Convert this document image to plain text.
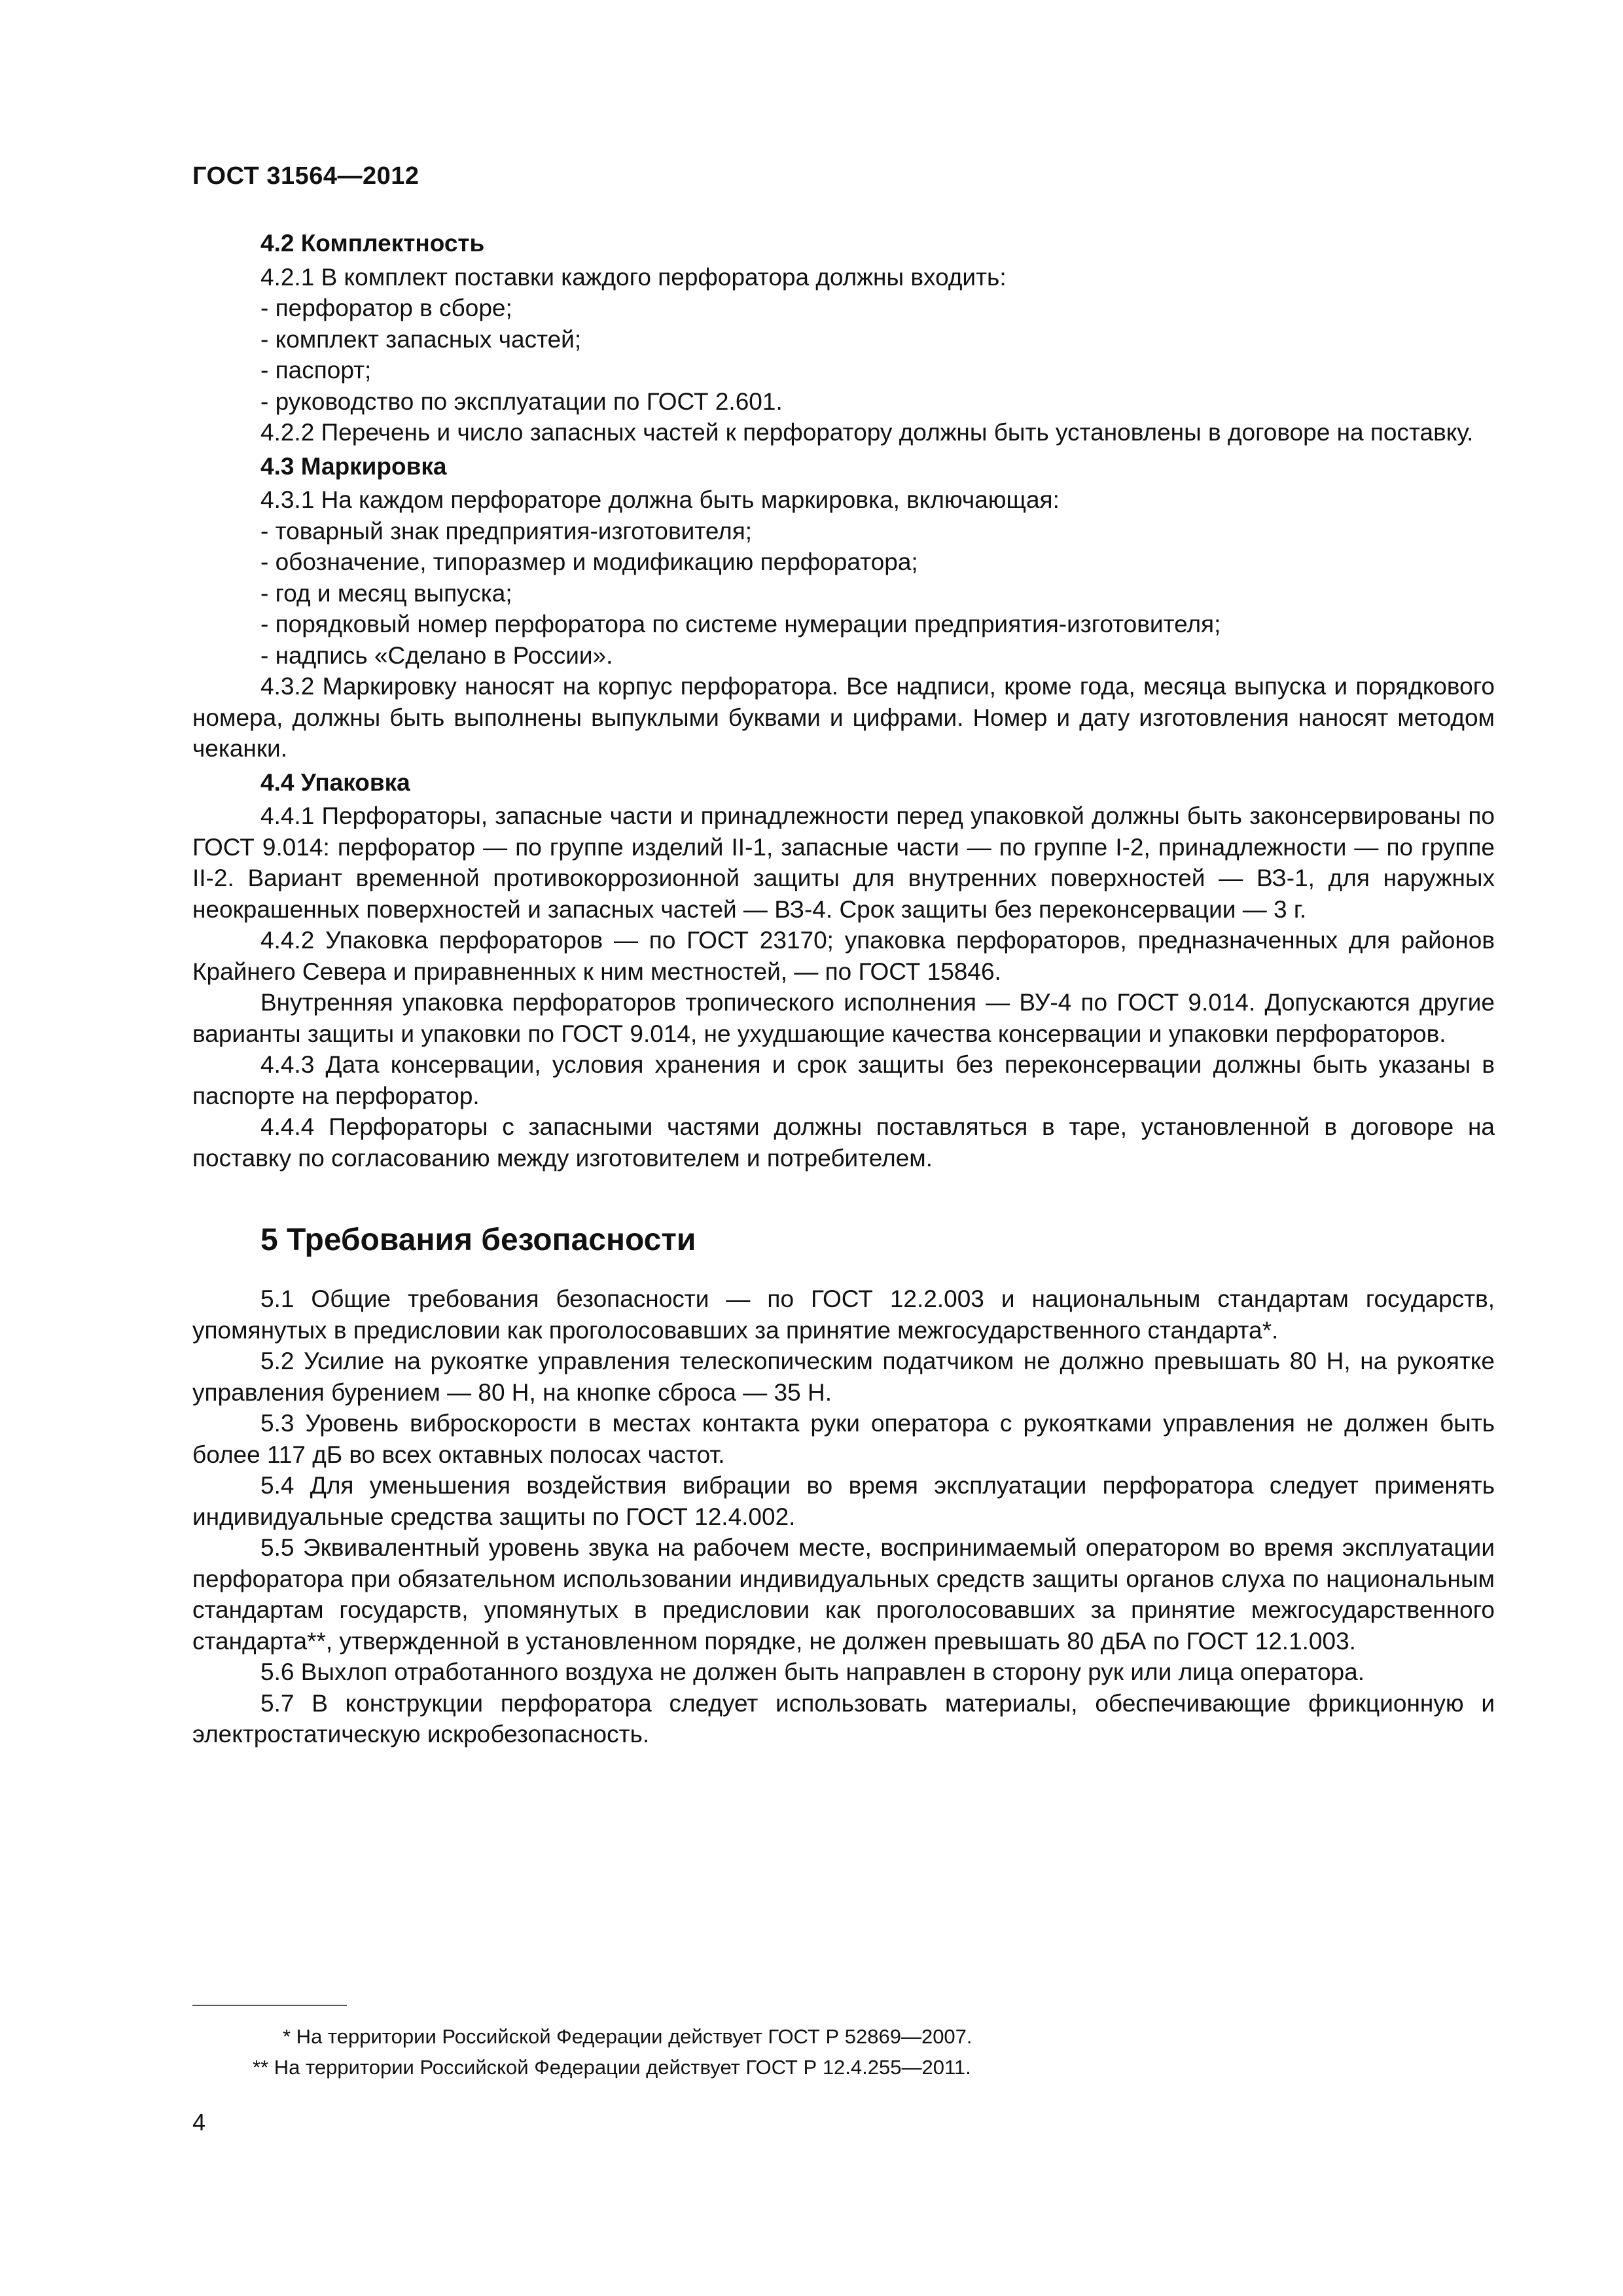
ГОСТ 31564—2012

4.2 Комплектность

4.2.1 В комплект поставки каждого перфоратора должны входить:

- перфоратор в сборе;

- комплект запасных частей;

- паспорт;

- руководство по эксплуатации по ГОСТ 2.601.

4.2.2 Перечень и число запасных частей к перфоратору должны быть установлены в договоре на поставку.

4.3 Маркировка

4.3.1 На каждом перфораторе должна быть маркировка, включающая:

- товарный знак предприятия-изготовителя;

- обозначение, типоразмер и модификацию перфоратора;

- год и месяц выпуска;

- порядковый номер перфоратора по системе нумерации предприятия-изготовителя;

- надпись «Сделано в России».

4.3.2 Маркировку наносят на корпус перфоратора. Все надписи, кроме года, месяца выпуска и порядкового номера, должны быть выполнены выпуклыми буквами и цифрами. Номер и дату изготовления наносят методом чеканки.

4.4 Упаковка

4.4.1 Перфораторы, запасные части и принадлежности перед упаковкой должны быть законсервированы по ГОСТ 9.014: перфоратор — по группе изделий II-1, запасные части — по группе I-2, принадлежности — по группе II-2. Вариант временной противокоррозионной защиты для внутренних поверхностей — ВЗ-1, для наружных неокрашенных поверхностей и запасных частей — ВЗ-4. Срок защиты без переконсервации — 3 г.

4.4.2 Упаковка перфораторов — по ГОСТ 23170; упаковка перфораторов, предназначенных для районов Крайнего Севера и приравненных к ним местностей, — по ГОСТ 15846.

Внутренняя упаковка перфораторов тропического исполнения — ВУ-4 по ГОСТ 9.014. Допускаются другие варианты защиты и упаковки по ГОСТ 9.014, не ухудшающие качества консервации и упаковки перфораторов.

4.4.3 Дата консервации, условия хранения и срок защиты без переконсервации должны быть указаны в паспорте на перфоратор.

4.4.4 Перфораторы с запасными частями должны поставляться в таре, установленной в договоре на поставку по согласованию между изготовителем и потребителем.

5 Требования безопасности

5.1 Общие требования безопасности — по ГОСТ 12.2.003 и национальным стандартам государств, упомянутых в предисловии как проголосовавших за принятие межгосударственного стандарта*.

5.2 Усилие на рукоятке управления телескопическим податчиком не должно превышать 80 Н, на рукоятке управления бурением — 80 Н, на кнопке сброса — 35 Н.

5.3 Уровень виброскорости в местах контакта руки оператора с рукоятками управления не должен быть более 117 дБ во всех октавных полосах частот.

5.4 Для уменьшения воздействия вибрации во время эксплуатации перфоратора следует применять индивидуальные средства защиты по ГОСТ 12.4.002.

5.5 Эквивалентный уровень звука на рабочем месте, воспринимаемый оператором во время эксплуатации перфоратора при обязательном использовании индивидуальных средств защиты органов слуха по национальным стандартам государств, упомянутых в предисловии как проголосовавших за принятие межгосударственного стандарта**, утвержденной в установленном порядке, не должен превышать 80 дБА по ГОСТ 12.1.003.

5.6 Выхлоп отработанного воздуха не должен быть направлен в сторону рук или лица оператора.

5.7 В конструкции перфоратора следует использовать материалы, обеспечивающие фрикционную и электростатическую искробезопасность.

* На территории Российской Федерации действует ГОСТ Р 52869—2007.

** На территории Российской Федерации действует ГОСТ Р 12.4.255—2011.

4
